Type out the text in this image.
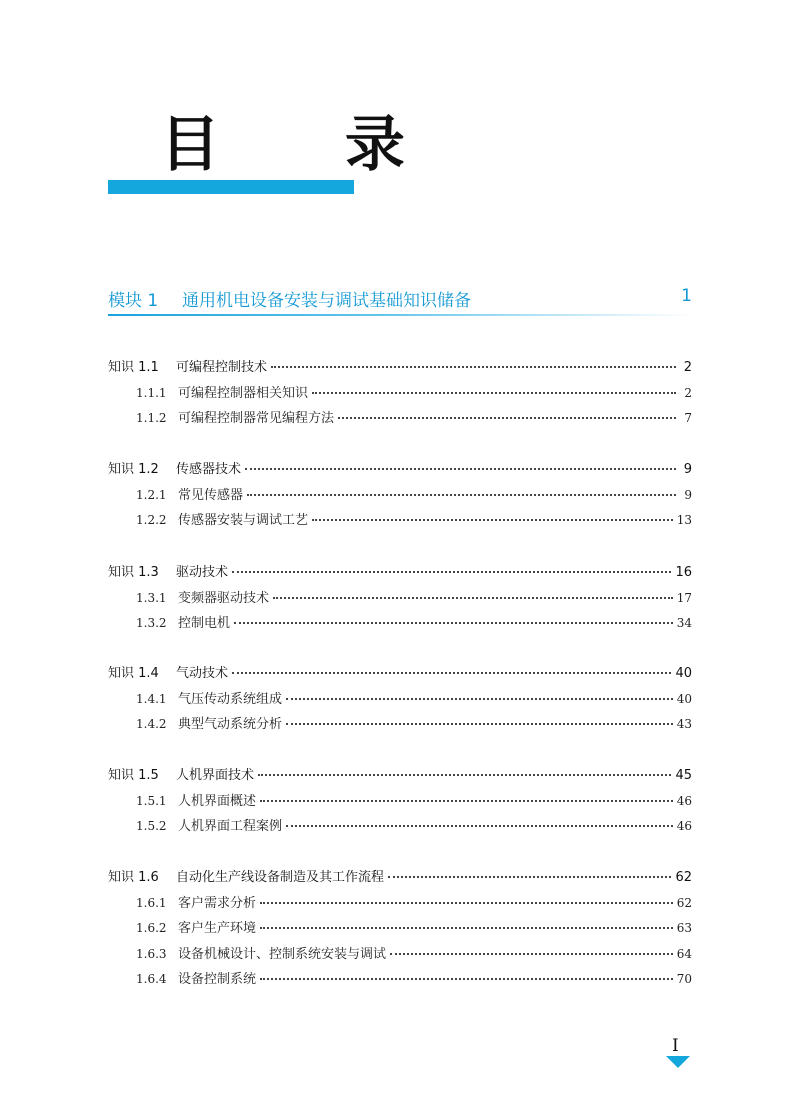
目 录
模块 1 通用机电设备安装与调试基础知识储备	1
知识 1.1	可编程控制技术	2
1.1.1 可编程控制器相关知识	2
1.1.2 可编程控制器常见编程方法	7
知识 1.2	传感器技术	9
1.2.1 常见传感器	9
1.2.2 传感器安装与调试工艺	13
知识 1.3	驱动技术	16
1.3.1 变频器驱动技术	17
1.3.2 控制电机	34
知识 1.4	气动技术	40
1.4.1 气压传动系统组成	40
1.4.2 典型气动系统分析	43
知识 1.5	人机界面技术	45
1.5.1 人机界面概述	46
1.5.2 人机界面工程案例	46
知识 1.6	自动化生产线设备制造及其工作流程	62
1.6.1 客户需求分析	62
1.6.2 客户生产环境	63
1.6.3 设备机械设计、控制系统安装与调试	64
1.6.4 设备控制系统	70
I
